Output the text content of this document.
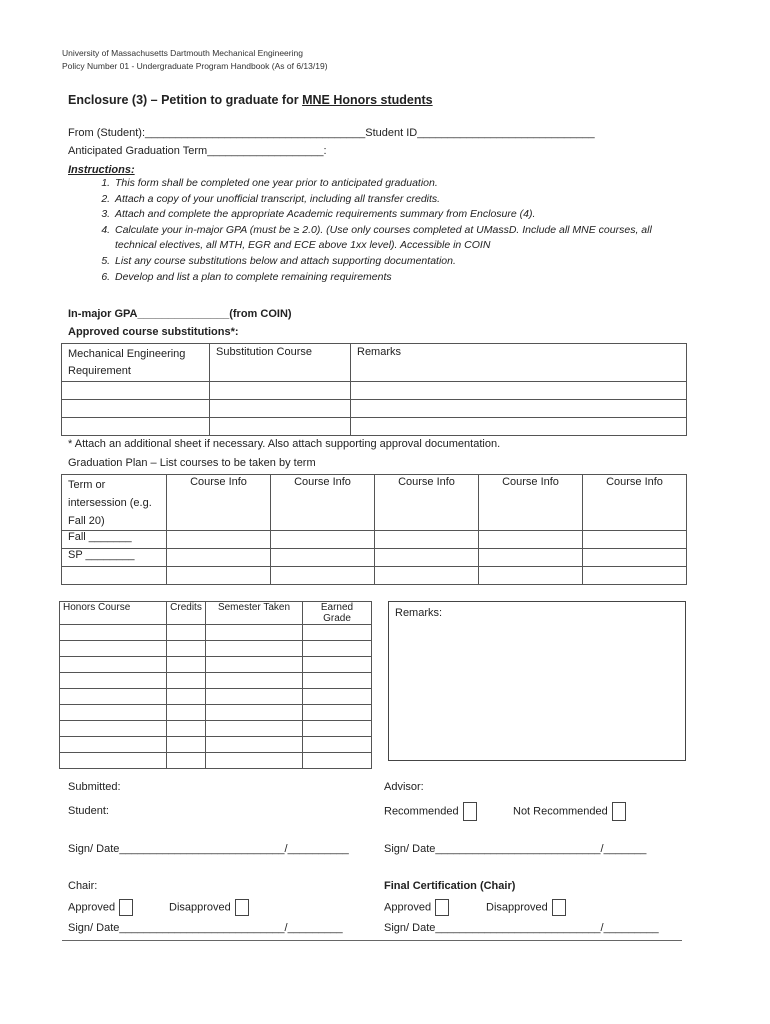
University of Massachusetts Dartmouth Mechanical Engineering
Policy Number 01 - Undergraduate Program Handbook (As of 6/13/19)
Enclosure (3) – Petition to graduate for MNE Honors students
From (Student):____________________________________Student ID_____________________________
Anticipated Graduation Term___________________:
Instructions:
1. This form shall be completed one year prior to anticipated graduation.
2. Attach a copy of your unofficial transcript, including all transfer credits.
3. Attach and complete the appropriate Academic requirements summary from Enclosure (4).
4. Calculate your in-major GPA (must be ≥ 2.0). (Use only courses completed at UMassD. Include all MNE courses, all technical electives, all MTH, EGR and ECE above 1xx level). Accessible in COIN
5. List any course substitutions below and attach supporting documentation.
6. Develop and list a plan to complete remaining requirements
In-major GPA_______________(from COIN)
Approved course substitutions*:
Mechanical Engineering Requirement	Substitution Course	Remarks

* Attach an additional sheet if necessary. Also attach supporting approval documentation.
Graduation Plan – List courses to be taken by term
Term or intersession (e.g. Fall 20)	Course Info	Course Info	Course Info	Course Info	Course Info
Fall _______					
SP ________					

Honors Course	Credits	Semester Taken	Earned Grade

				Remarks:
Submitted:
Student:
Sign/ Date___________________________/__________
Chair:
Approved	Disapproved
Sign/ Date___________________________/_________
Advisor:
Recommended	Not Recommended
Sign/ Date___________________________/_______
Final Certification (Chair)
Approved	Disapproved
Sign/ Date___________________________/_________
